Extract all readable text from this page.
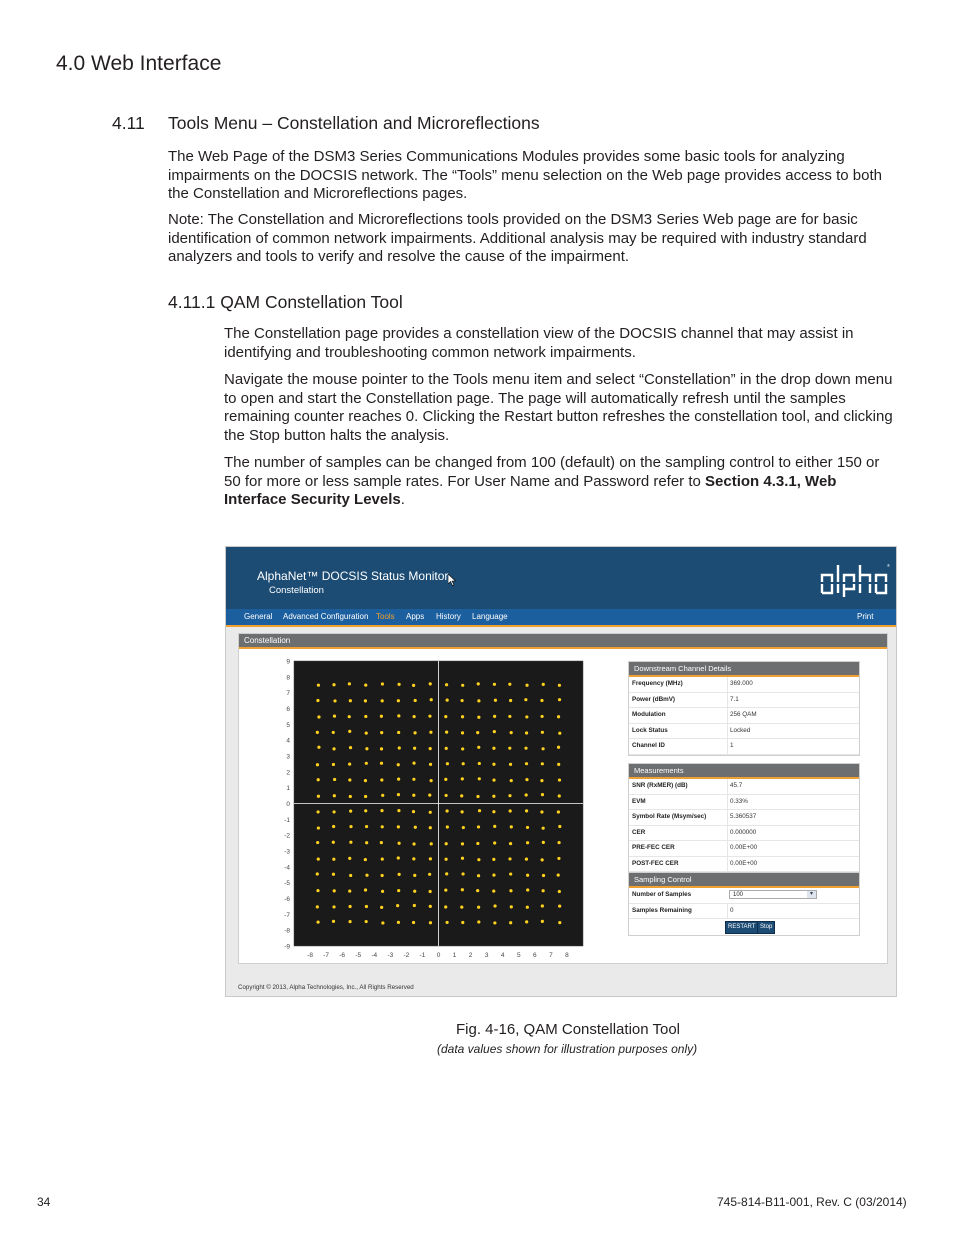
4.0 Web Interface
4.11 Tools Menu – Constellation and Microreflections

The Web Page of the DSM3 Series Communications Modules provides some basic tools for analyzing impairments on the DOCSIS network. The “Tools” menu selection on the Web page provides access to both the Constellation and Microreflections pages.

Note: The Constellation and Microreflections tools provided on the DSM3 Series Web page are for basic identification of common network impairments. Additional analysis may be required with industry standard analyzers and tools to verify and resolve the cause of the impairment.

4.11.1 QAM Constellation Tool

The Constellation page provides a constellation view of the DOCSIS channel that may assist in identifying and troubleshooting common network impairments.

Navigate the mouse pointer to the Tools menu item and select “Constellation” in the drop down menu to open and start the Constellation page. The page will automatically refresh until the samples remaining counter reaches 0. Clicking the Restart button refreshes the constellation tool, and clicking the Stop button halts the analysis.

The number of samples can be changed from 100 (default) on the sampling control to either 150 or 50 for more or less sample rates. For User Name and Password refer to Section 4.3.1, Web Interface Security Levels.

AlphaNet™ DOCSIS Status Monitor
Constellation
®
General Advanced Configuration Tools Apps History Language	Print
Constellation
-8 -7 -6 -5 -4 -3 -2 -1 0 1 2 3 4 5 6 7 8
9
8
7
6
5
4
3
2
1
0
-1
-2
-3
-4
-5
-6
-7
-8
-9
Downstream Channel Details
Frequency (MHz)	369.000
Power (dBmV)	7.1
Modulation	256 QAM
Lock Status	Locked
Channel ID	1
Measurements
SNR (RxMER) (dB)	45.7
EVM	0.33%
Symbol Rate (Msym/sec)	5.360537
CER	0.000000
PRE-FEC CER	0.00E+00
POST-FEC CER	0.00E+00
Sampling Control
Number of Samples	100	▾
Samples Remaining	0
RESTART Stop
Copyright © 2013, Alpha Technologies, Inc., All Rights Reserved

Fig. 4-16, QAM Constellation Tool

(data values shown for illustration purposes only)

34	745-814-B11-001, Rev. C (03/2014)
